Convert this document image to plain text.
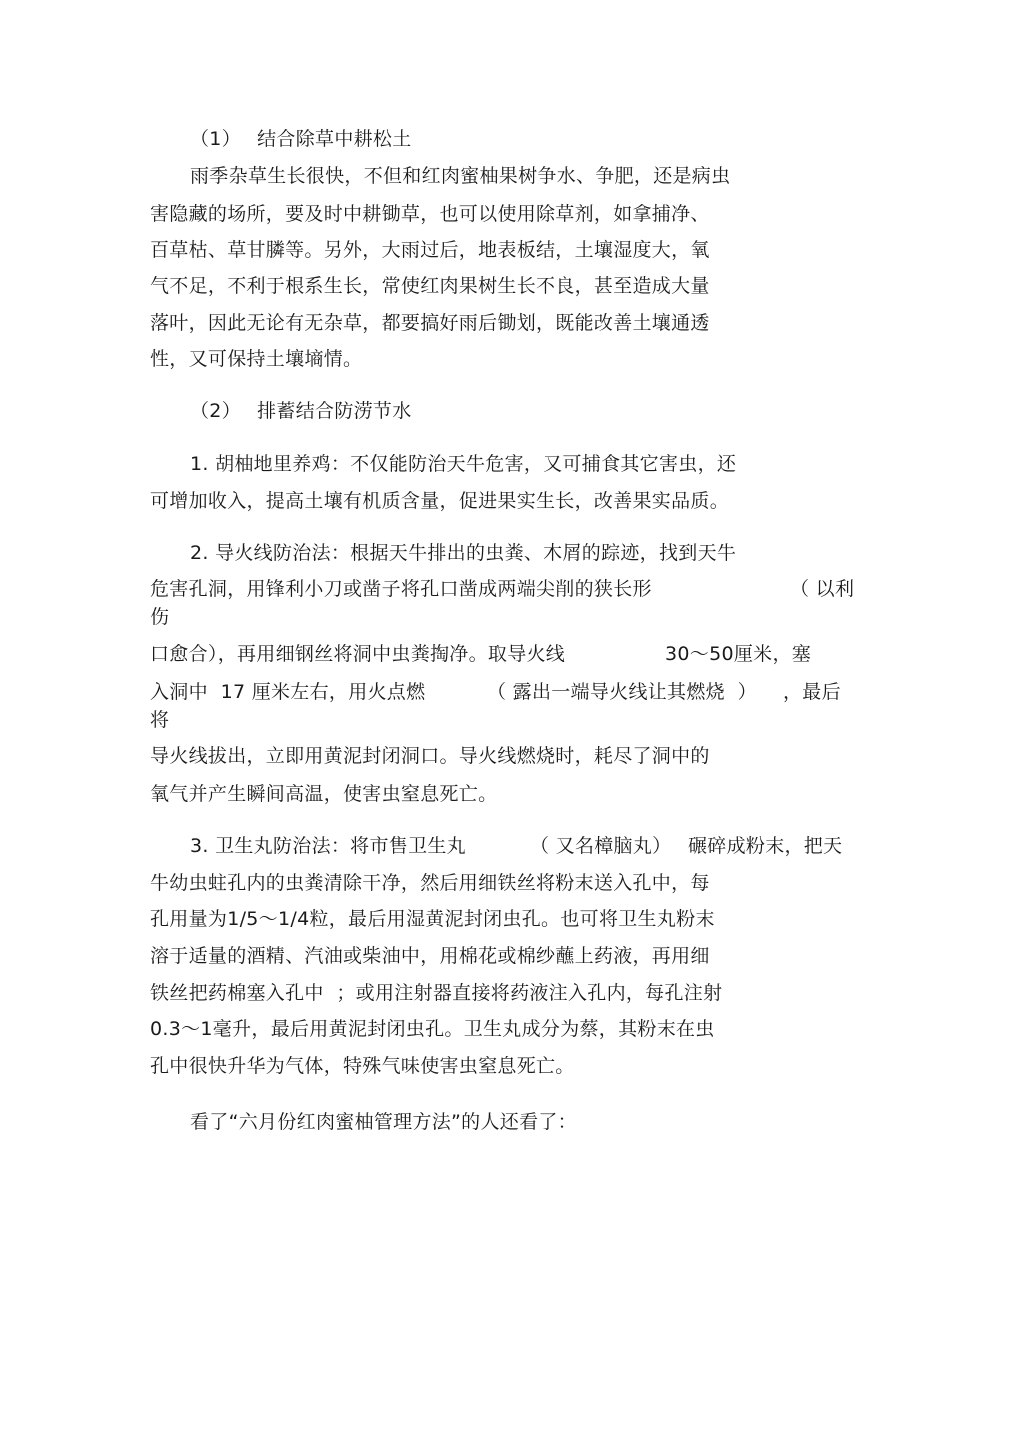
（1）　 结合除草中耕松土
雨季杂草生长很快，不但和红肉蜜柚果树争水、争肥，还是病虫
害隐藏的场所，要及时中耕锄草，也可以使用除草剂，如拿捕净、
百草枯、草甘膦等。另外，大雨过后，地表板结，土壤湿度大，氧
气不足，不利于根系生长，常使红肉果树生长不良，甚至造成大量
落叶，因此无论有无杂草，都要搞好雨后锄划，既能改善土壤通透
性，又可保持土壤墒情。
（2）　 排蓄结合防涝节水
1. 胡柚地里养鸡：不仅能防治天牛危害，又可捕食其它害虫，还
可增加收入，提高土壤有机质含量，促进果实生长，改善果实品质。
2. 导火线防治法：根据天牛排出的虫粪、木屑的踪迹，找到天牛
危害孔洞，用锋利小刀或凿子将孔口凿成两端尖削的狭长形	（ 以利
伤
口愈合），再用细钢丝将洞中虫粪掏净。取导火线	30～50厘米，塞
入洞中  17 厘米左右，用火点燃	（ 露出一端导火线让其燃烧  ） ，最后
将
导火线拔出，立即用黄泥封闭洞口。导火线燃烧时，耗尽了洞中的
氧气并产生瞬间高温，使害虫窒息死亡。
3. 卫生丸防治法：将市售卫生丸	（ 又名樟脑丸） 碾碎成粉末，把天
牛幼虫蛀孔内的虫粪清除干净，然后用细铁丝将粉末送入孔中，每
孔用量为1/5～1/4粒，最后用湿黄泥封闭虫孔。也可将卫生丸粉末
溶于适量的酒精、汽油或柴油中，用棉花或棉纱蘸上药液，再用细
铁丝把药棉塞入孔中  ；或用注射器直接将药液注入孔内，每孔注射
0.3～1毫升，最后用黄泥封闭虫孔。卫生丸成分为蔡，其粉末在虫
孔中很快升华为气体，特殊气味使害虫窒息死亡。
看了“六月份红肉蜜柚管理方法”的人还看了：
